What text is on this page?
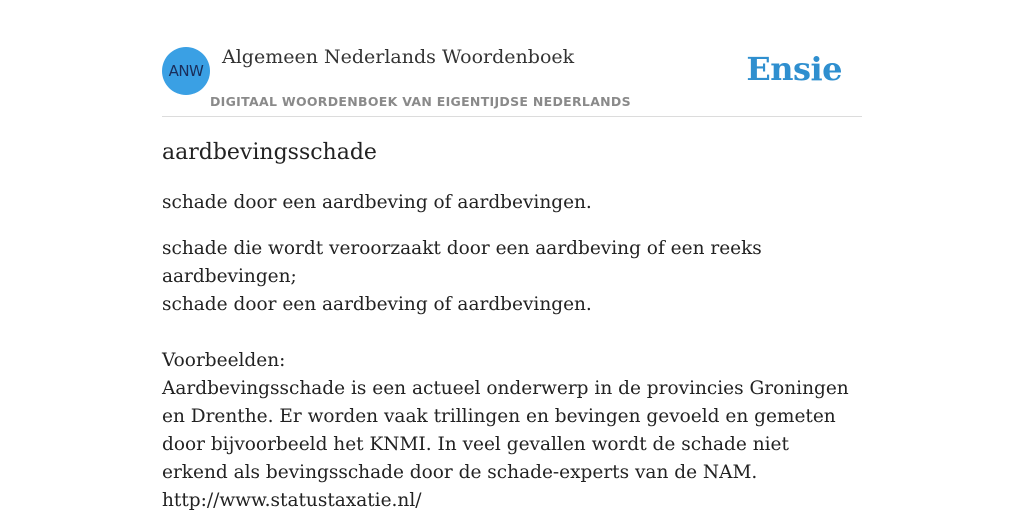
ANW
Algemeen Nederlands Woordenboek
DIGITAAL WOORDENBOEK VAN EIGENTIJDSE NEDERLANDS
Ensie
aardbevingsschade

schade door een aardbeving of aardbevingen.

schade die wordt veroorzaakt door een aardbeving of een reeks aardbevingen;
schade door een aardbeving of aardbevingen.
Voorbeelden:
Aardbevingsschade is een actueel onderwerp in de provincies Groningen en Drenthe. Er worden vaak trillingen en bevingen gevoeld en gemeten door bijvoorbeeld het KNMI. In veel gevallen wordt de schade niet erkend als bevingsschade door de schade-experts van de NAM.
http://www.statustaxatie.nl/
